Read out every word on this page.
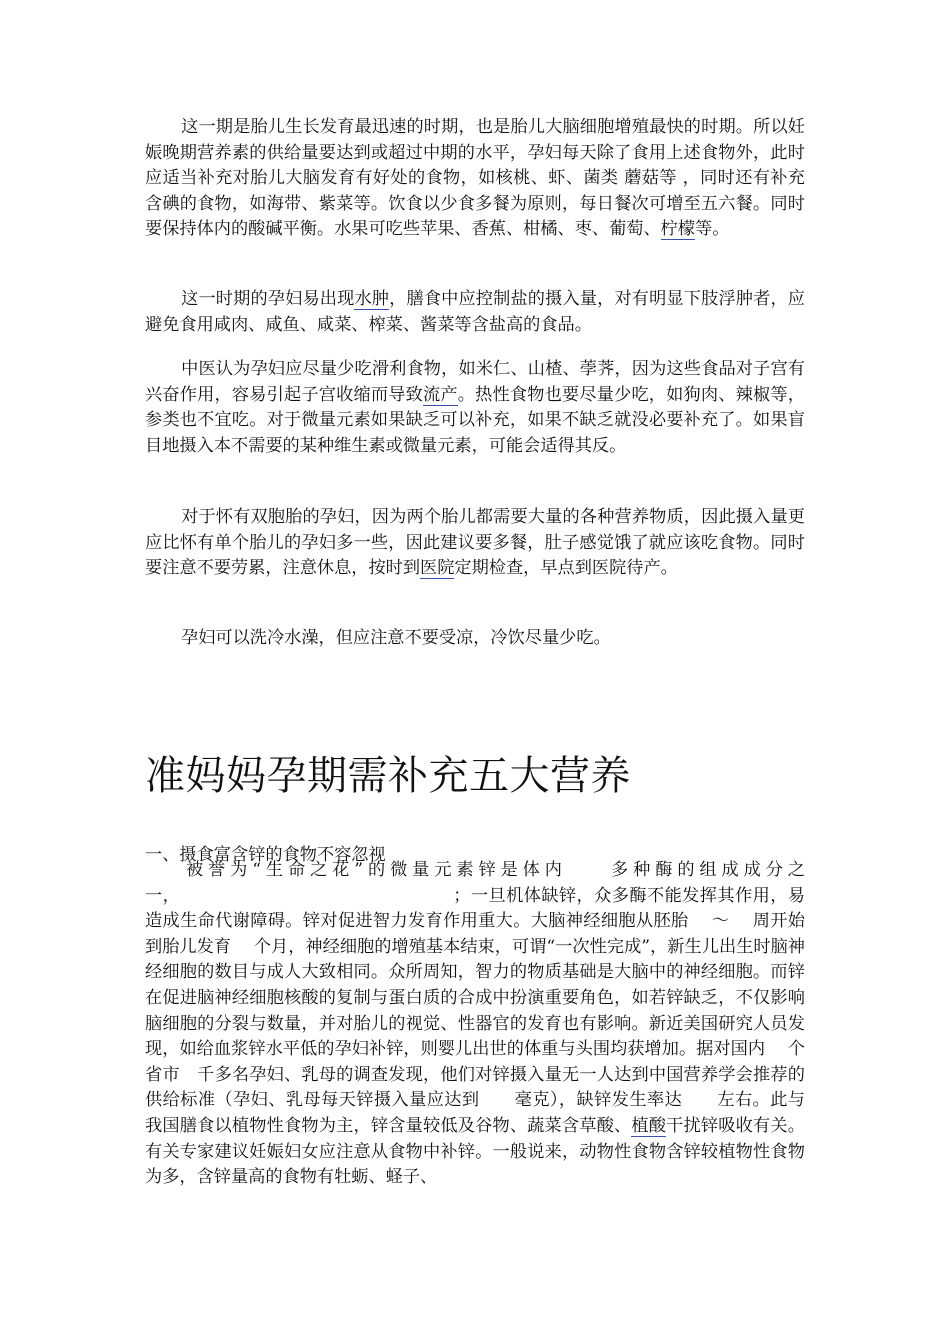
这一期是胎儿生长发育最迅速的时期，也是胎儿大脑细胞增殖最快的时期。所以妊娠晚期营养素的供给量要达到或超过中期的水平，孕妇每天除了食用上述食物外，此时应适当补充对胎儿大脑发育有好处的食物，如核桃、虾、菌类 蘑菇等 ，同时还有补充含碘的食物，如海带、紫菜等。饮食以少食多餐为原则，每日餐次可增至五六餐。同时要保持体内的酸碱平衡。水果可吃些苹果、香蕉、柑橘、枣、葡萄、柠檬等。

这一时期的孕妇易出现水肿，膳食中应控制盐的摄入量，对有明显下肢浮肿者，应避免食用咸肉、咸鱼、咸菜、榨菜、酱菜等含盐高的食品。

中医认为孕妇应尽量少吃滑利食物，如米仁、山楂、荸荠，因为这些食品对子宫有兴奋作用，容易引起子宫收缩而导致流产。热性食物也要尽量少吃，如狗肉、辣椒等，参类也不宜吃。对于微量元素如果缺乏可以补充，如果不缺乏就没必要补充了。如果盲目地摄入本不需要的某种维生素或微量元素，可能会适得其反。

对于怀有双胞胎的孕妇，因为两个胎儿都需要大量的各种营养物质，因此摄入量更应比怀有单个胎儿的孕妇多一些，因此建议要多餐，肚子感觉饿了就应该吃食物。同时要注意不要劳累，注意休息，按时到医院定期检查，早点到医院待产。

孕妇可以洗冷水澡，但应注意不要受凉，冷饮尽量少吃。

准妈妈孕期需补充五大营养
一、摄食富含锌的食物不容忽视

被誉为“生命之花”的微量元素锌是体内　　多种酶的组成成分之一，　　　　　　　　　　　　　　　　；一旦机体缺锌，众多酶不能发挥其作用，易造成生命代谢障碍。锌对促进智力发育作用重大。大脑神经细胞从胚胎　 ～　 周开始到胎儿发育　 个月，神经细胞的增殖基本结束，可谓“一次性完成”，新生儿出生时脑神经细胞的数目与成人大致相同。众所周知，智力的物质基础是大脑中的神经细胞。而锌在促进脑神经细胞核酸的复制与蛋白质的合成中扮演重要角色，如若锌缺乏，不仅影响脑细胞的分裂与数量，并对胎儿的视觉、性器官的发育也有影响。新近美国研究人员发现，如给血浆锌水平低的孕妇补锌，则婴儿出世的体重与头围均获增加。据对国内　 个省市　千多名孕妇、乳母的调查发现，他们对锌摄入量无一人达到中国营养学会推荐的供给标准（孕妇、乳母每天锌摄入量应达到　　毫克），缺锌发生率达　　左右。此与我国膳食以植物性食物为主，锌含量较低及谷物、蔬菜含草酸、植酸干扰锌吸收有关。有关专家建议妊娠妇女应注意从食物中补锌。一般说来，动物性食物含锌较植物性食物为多，含锌量高的食物有牡蛎、蛏子、
